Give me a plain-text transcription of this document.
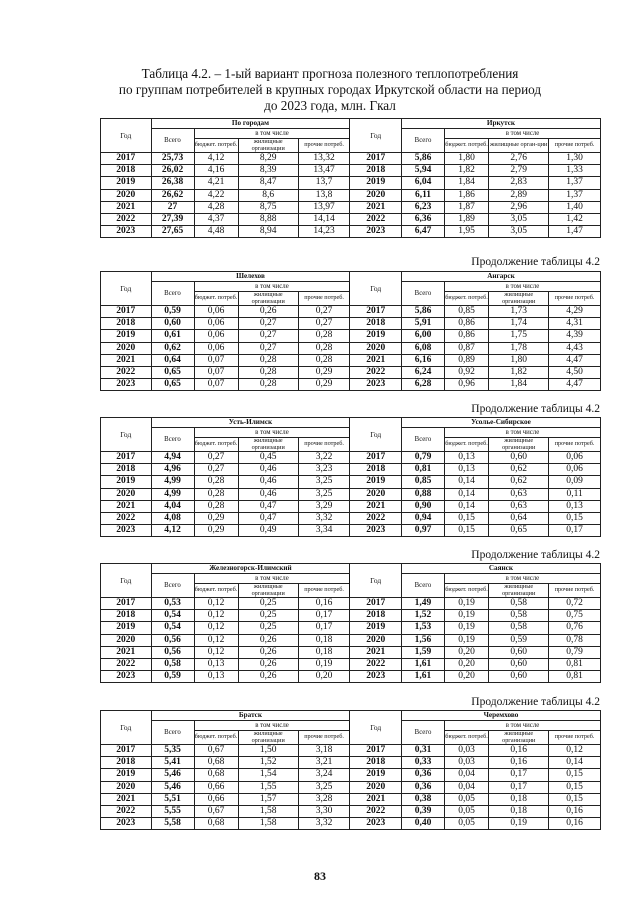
Таблица 4.2. – 1-ый вариант прогноза полезного теплопотребления
по группам потребителей в крупных городах Иркутской области на период
до 2023 года, млн. Гкал

Год	По городам				Год	Иркутск			
	Всего	в том числе				Всего	в том числе		
		бюджет. потреб.	жилищные организации	прочие потреб.			бюджет. потреб.	жилищные орган-ции	прочие потреб.
2017	25,73	4,12	8,29	13,32	2017	5,86	1,80	2,76	1,30
2018	26,02	4,16	8,39	13,47	2018	5,94	1,82	2,79	1,33
2019	26,38	4,21	8,47	13,7	2019	6,04	1,84	2,83	1,37
2020	26,62	4,22	8,6	13,8	2020	6,11	1,86	2,89	1,37
2021	27	4,28	8,75	13,97	2021	6,23	1,87	2,96	1,40
2022	27,39	4,37	8,88	14,14	2022	6,36	1,89	3,05	1,42
2023	27,65	4,48	8,94	14,23	2023	6,47	1,95	3,05	1,47
Год	Шелехов				Год	Ангарск			
	Всего	в том числе				Всего	в том числе		
		бюджет. потреб.	жилищные организации	прочие потреб.			бюджет. потреб.	жилищные организации	прочие потреб.
2017	0,59	0,06	0,26	0,27	2017	5,86	0,85	1,73	4,29
2018	0,60	0,06	0,27	0,27	2018	5,91	0,86	1,74	4,31
2019	0,61	0,06	0,27	0,28	2019	6,00	0,86	1,75	4,39
2020	0,62	0,06	0,27	0,28	2020	6,08	0,87	1,78	4,43
2021	0,64	0,07	0,28	0,28	2021	6,16	0,89	1,80	4,47
2022	0,65	0,07	0,28	0,29	2022	6,24	0,92	1,82	4,50
2023	0,65	0,07	0,28	0,29	2023	6,28	0,96	1,84	4,47
Год	Усть-Илимск				Год	Усолье-Сибирское			
	Всего	в том числе				Всего	в том числе		
		бюджет. потреб.	жилищные организации	прочие потреб.			бюджет. потреб.	жилищные организации	прочие потреб.
2017	4,94	0,27	0,45	3,22	2017	0,79	0,13	0,60	0,06
2018	4,96	0,27	0,46	3,23	2018	0,81	0,13	0,62	0,06
2019	4,99	0,28	0,46	3,25	2019	0,85	0,14	0,62	0,09
2020	4,99	0,28	0,46	3,25	2020	0,88	0,14	0,63	0,11
2021	4,04	0,28	0,47	3,29	2021	0,90	0,14	0,63	0,13
2022	4,08	0,29	0,47	3,32	2022	0,94	0,15	0,64	0,15
2023	4,12	0,29	0,49	3,34	2023	0,97	0,15	0,65	0,17
Год	Железногорск-Илимский				Год	Саянск			
	Всего	в том числе				Всего	в том числе		
		бюджет. потреб.	жилищные организации	прочие потреб.			бюджет. потреб.	жилищные организации	прочие потреб.
2017	0,53	0,12	0,25	0,16	2017	1,49	0,19	0,58	0,72
2018	0,54	0,12	0,25	0,17	2018	1,52	0,19	0,58	0,75
2019	0,54	0,12	0,25	0,17	2019	1,53	0,19	0,58	0,76
2020	0,56	0,12	0,26	0,18	2020	1,56	0,19	0,59	0,78
2021	0,56	0,12	0,26	0,18	2021	1,59	0,20	0,60	0,79
2022	0,58	0,13	0,26	0,19	2022	1,61	0,20	0,60	0,81
2023	0,59	0,13	0,26	0,20	2023	1,61	0,20	0,60	0,81
Год	Братск				Год	Черемхово			
	Всего	в том числе				Всего	в том числе		
		бюджет. потреб.	жилищные организации	прочие потреб.			бюджет. потреб.	жилищные организации	прочие потреб.
2017	5,35	0,67	1,50	3,18	2017	0,31	0,03	0,16	0,12
2018	5,41	0,68	1,52	3,21	2018	0,33	0,03	0,16	0,14
2019	5,46	0,68	1,54	3,24	2019	0,36	0,04	0,17	0,15
2020	5,46	0,66	1,55	3,25	2020	0,36	0,04	0,17	0,15
2021	5,51	0,66	1,57	3,28	2021	0,38	0,05	0,18	0,15
2022	5,55	0,67	1,58	3,30	2022	0,39	0,05	0,18	0,16
2023	5,58	0,68	1,58	3,32	2023	0,40	0,05	0,19	0,16
Продолжение таблицы 4.2
Продолжение таблицы 4.2
Продолжение таблицы 4.2
Продолжение таблицы 4.2
83
